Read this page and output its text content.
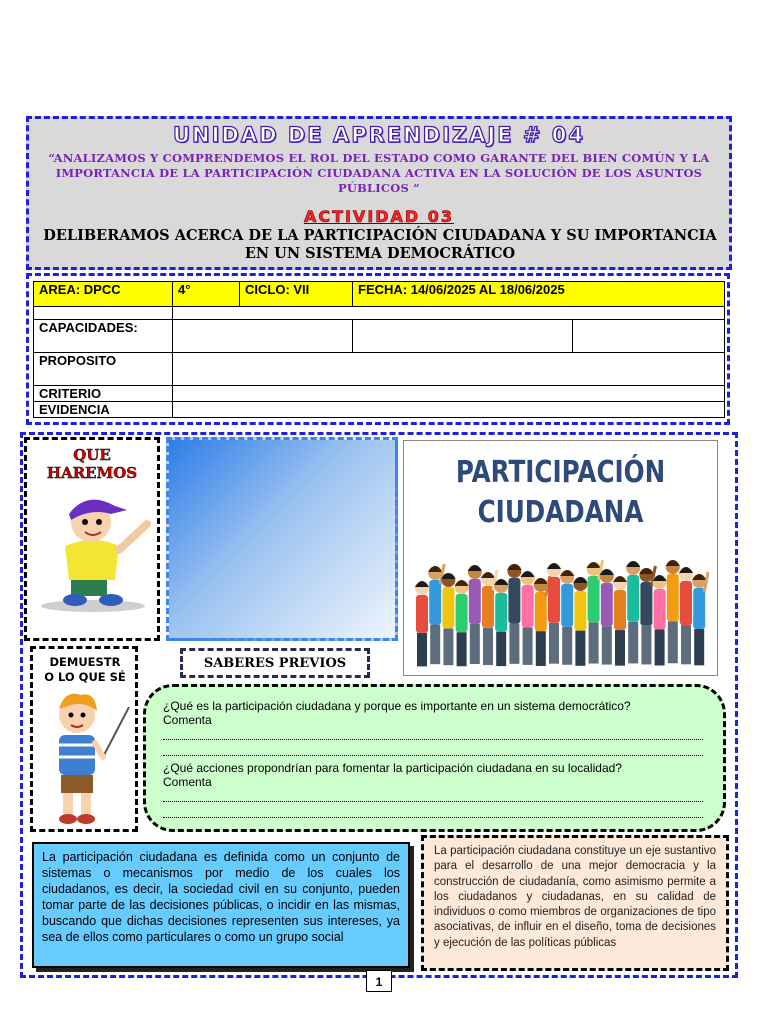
UNIDAD DE APRENDIZAJE # 04
“ANALIZAMOS Y COMPRENDEMOS EL ROL DEL ESTADO COMO GARANTE DEL BIEN COMÚN Y LA IMPORTANCIA DE LA PARTICIPACIÓN CIUDADANA ACTIVA EN LA SOLUCIÓN DE LOS ASUNTOS PÚBLICOS “
ACTIVIDAD 03
DELIBERAMOS ACERCA DE LA PARTICIPACIÓN CIUDADANA Y SU IMPORTANCIA EN UN SISTEMA DEMOCRÁTICO
AREA: DPCC	4°	CICLO: VII	FECHA: 14/06/2025 AL 18/06/2025	

CAPACIDADES:				
PROPOSITO				
CRITERIO				
EVIDENCIA				
QUE HAREMOS	PARTICIPACIÓN
CIUDADANA
DEMUESTR
O LO QUE SÉ
SABERES PREVIOS
¿Qué es la participación ciudadana y porque es importante en un sistema democrático?
Comenta
¿Qué acciones propondrían para fomentar la participación ciudadana en su localidad?
Comenta
La participación ciudadana es definida como un conjunto de sistemas o mecanismos por medio de los cuales los ciudadanos, es decir, la sociedad civil en su conjunto, pueden tomar parte de las decisiones públicas, o incidir en las mismas, buscando que dichas decisiones representen sus intereses, ya sea de ellos como particulares o como un grupo social
La participación ciudadana constituye un eje sustantivo para el desarrollo de una mejor democracia y la construcción de ciudadanía, como asimismo permite a los ciudadanos y ciudadanas, en su calidad de individuos o como miembros de organizaciones de tipo asociativas, de influir en el diseño, toma de decisiones y ejecución de las políticas públicas
1
